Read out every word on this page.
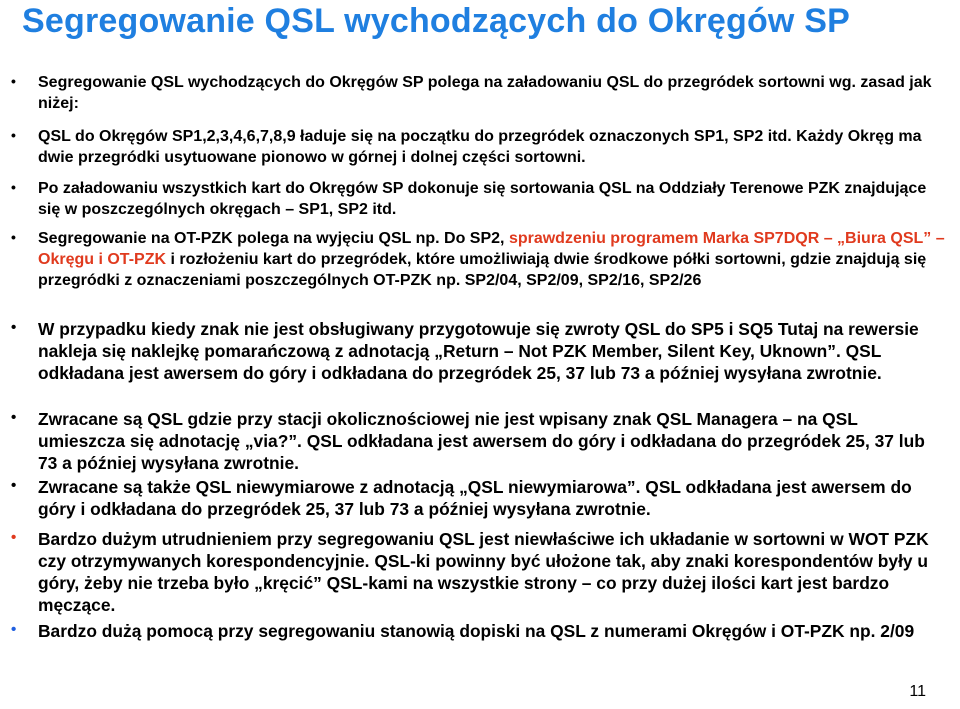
Segregowanie QSL wychodzących do Okręgów SP
• Segregowanie QSL wychodzących do Okręgów SP polega na załadowaniu QSL do przegródek sortowni wg. zasad jak niżej:
• QSL do Okręgów SP1,2,3,4,6,7,8,9 ładuje się na początku do przegródek oznaczonych SP1, SP2 itd. Każdy Okręg ma dwie przegródki usytuowane pionowo w górnej i dolnej części sortowni.
• Po załadowaniu wszystkich kart do Okręgów SP dokonuje się sortowania QSL na Oddziały Terenowe PZK znajdujące się w poszczególnych okręgach – SP1, SP2 itd.
• Segregowanie na OT-PZK polega na wyjęciu QSL np. Do SP2, sprawdzeniu programem Marka SP7DQR – „Biura QSL” – Okręgu i OT-PZK i rozłożeniu kart do przegródek, które umożliwiają dwie środkowe półki sortowni, gdzie znajdują się przegródki z oznaczeniami poszczególnych OT-PZK np. SP2/04, SP2/09, SP2/16, SP2/26
• W przypadku kiedy znak nie jest obsługiwany przygotowuje się zwroty QSL do SP5 i SQ5 Tutaj na rewersie nakleja się naklejkę pomarańczową z adnotacją „Return – Not PZK Member, Silent Key, Uknown”. QSL odkładana jest awersem do góry i odkładana do przegródek 25, 37 lub 73 a później wysyłana zwrotnie.
• Zwracane są QSL gdzie przy stacji okolicznościowej nie jest wpisany znak QSL Managera – na QSL umieszcza się adnotację „via?”. QSL odkładana jest awersem do góry i odkładana do przegródek 25, 37 lub 73 a później wysyłana zwrotnie.
• Zwracane są także QSL niewymiarowe z adnotacją „QSL niewymiarowa”. QSL odkładana jest awersem do góry i odkładana do przegródek 25, 37 lub 73 a później wysyłana zwrotnie.
• Bardzo dużym utrudnieniem przy segregowaniu QSL jest niewłaściwe ich układanie w sortowni w WOT PZK czy otrzymywanych korespondencyjnie. QSL-ki powinny być ułożone tak, aby znaki korespondentów były u góry, żeby nie trzeba było „kręcić” QSL-kami na wszystkie strony – co przy dużej ilości kart jest bardzo męczące.
• Bardzo dużą pomocą przy segregowaniu stanowią dopiski na QSL z numerami Okręgów i OT-PZK np. 2/09
11
